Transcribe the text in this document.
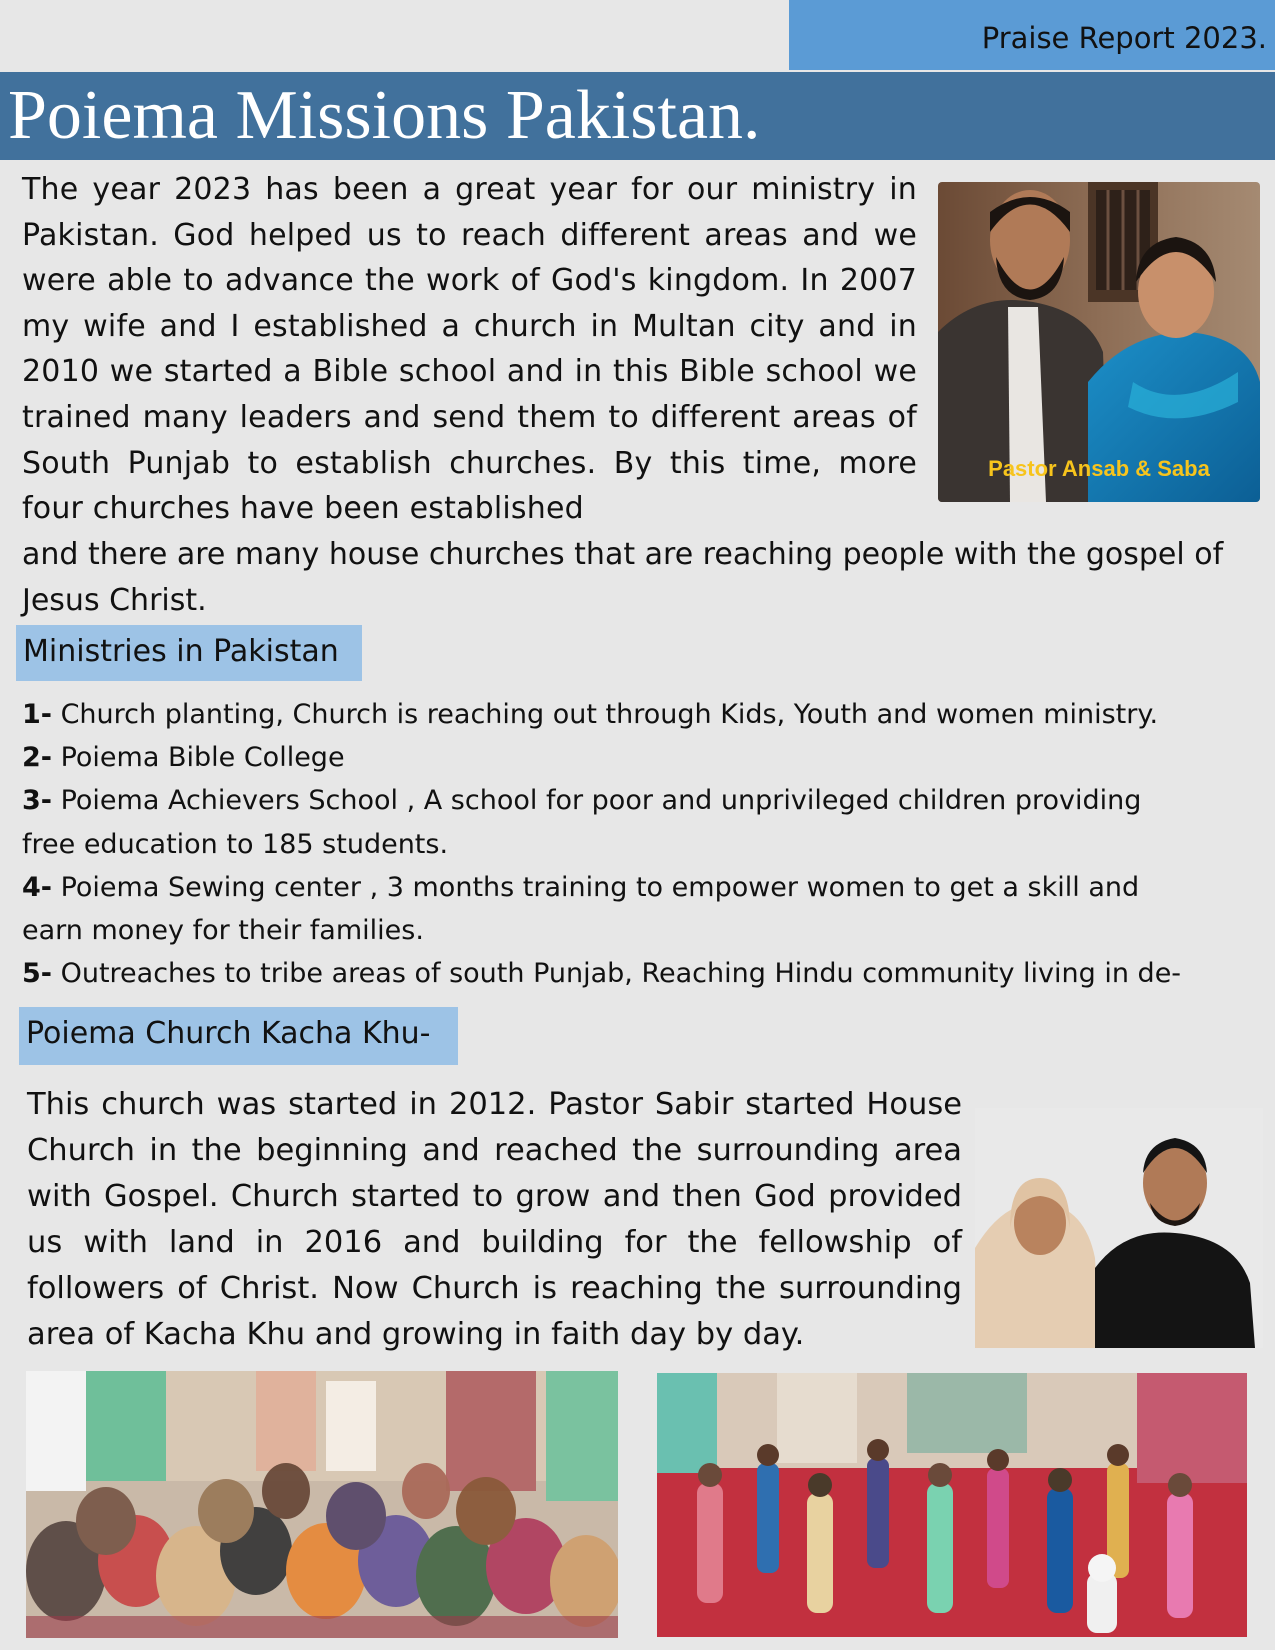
Praise Report 2023.
Poiema Missions Pakistan.
The year 2023 has been a great year for our ministry in Pakistan. God helped us to reach different areas and we were able to advance the work of God's kingdom. In 2007 my wife and I established a church in Multan city and in 2010 we started a Bible school and in this Bible school we trained many leaders and send them to different areas of South Punjab to establish churches. By this time, more four churches have been established
and there are many house churches that are reaching people with the gospel of Jesus Christ.
Pastor Ansab & Saba
Ministries in Pakistan
1- Church planting, Church is reaching out through Kids, Youth and women ministry.
2- Poiema Bible College
3- Poiema Achievers School , A school for poor and unprivileged children providing
free education to 185 students.
4- Poiema Sewing center , 3 months training to empower women to get a skill and
earn money for their families.
5- Outreaches to tribe areas of south Punjab, Reaching Hindu community living in de-
Poiema Church Kacha Khu-
This church was started in 2012. Pastor Sabir started House Church in the beginning and reached the surrounding area with Gospel. Church started to grow and then God provided us with land in 2016 and building for the fellowship of followers of Christ. Now Church is reaching the surrounding area of Kacha Khu and growing in faith day by day.
